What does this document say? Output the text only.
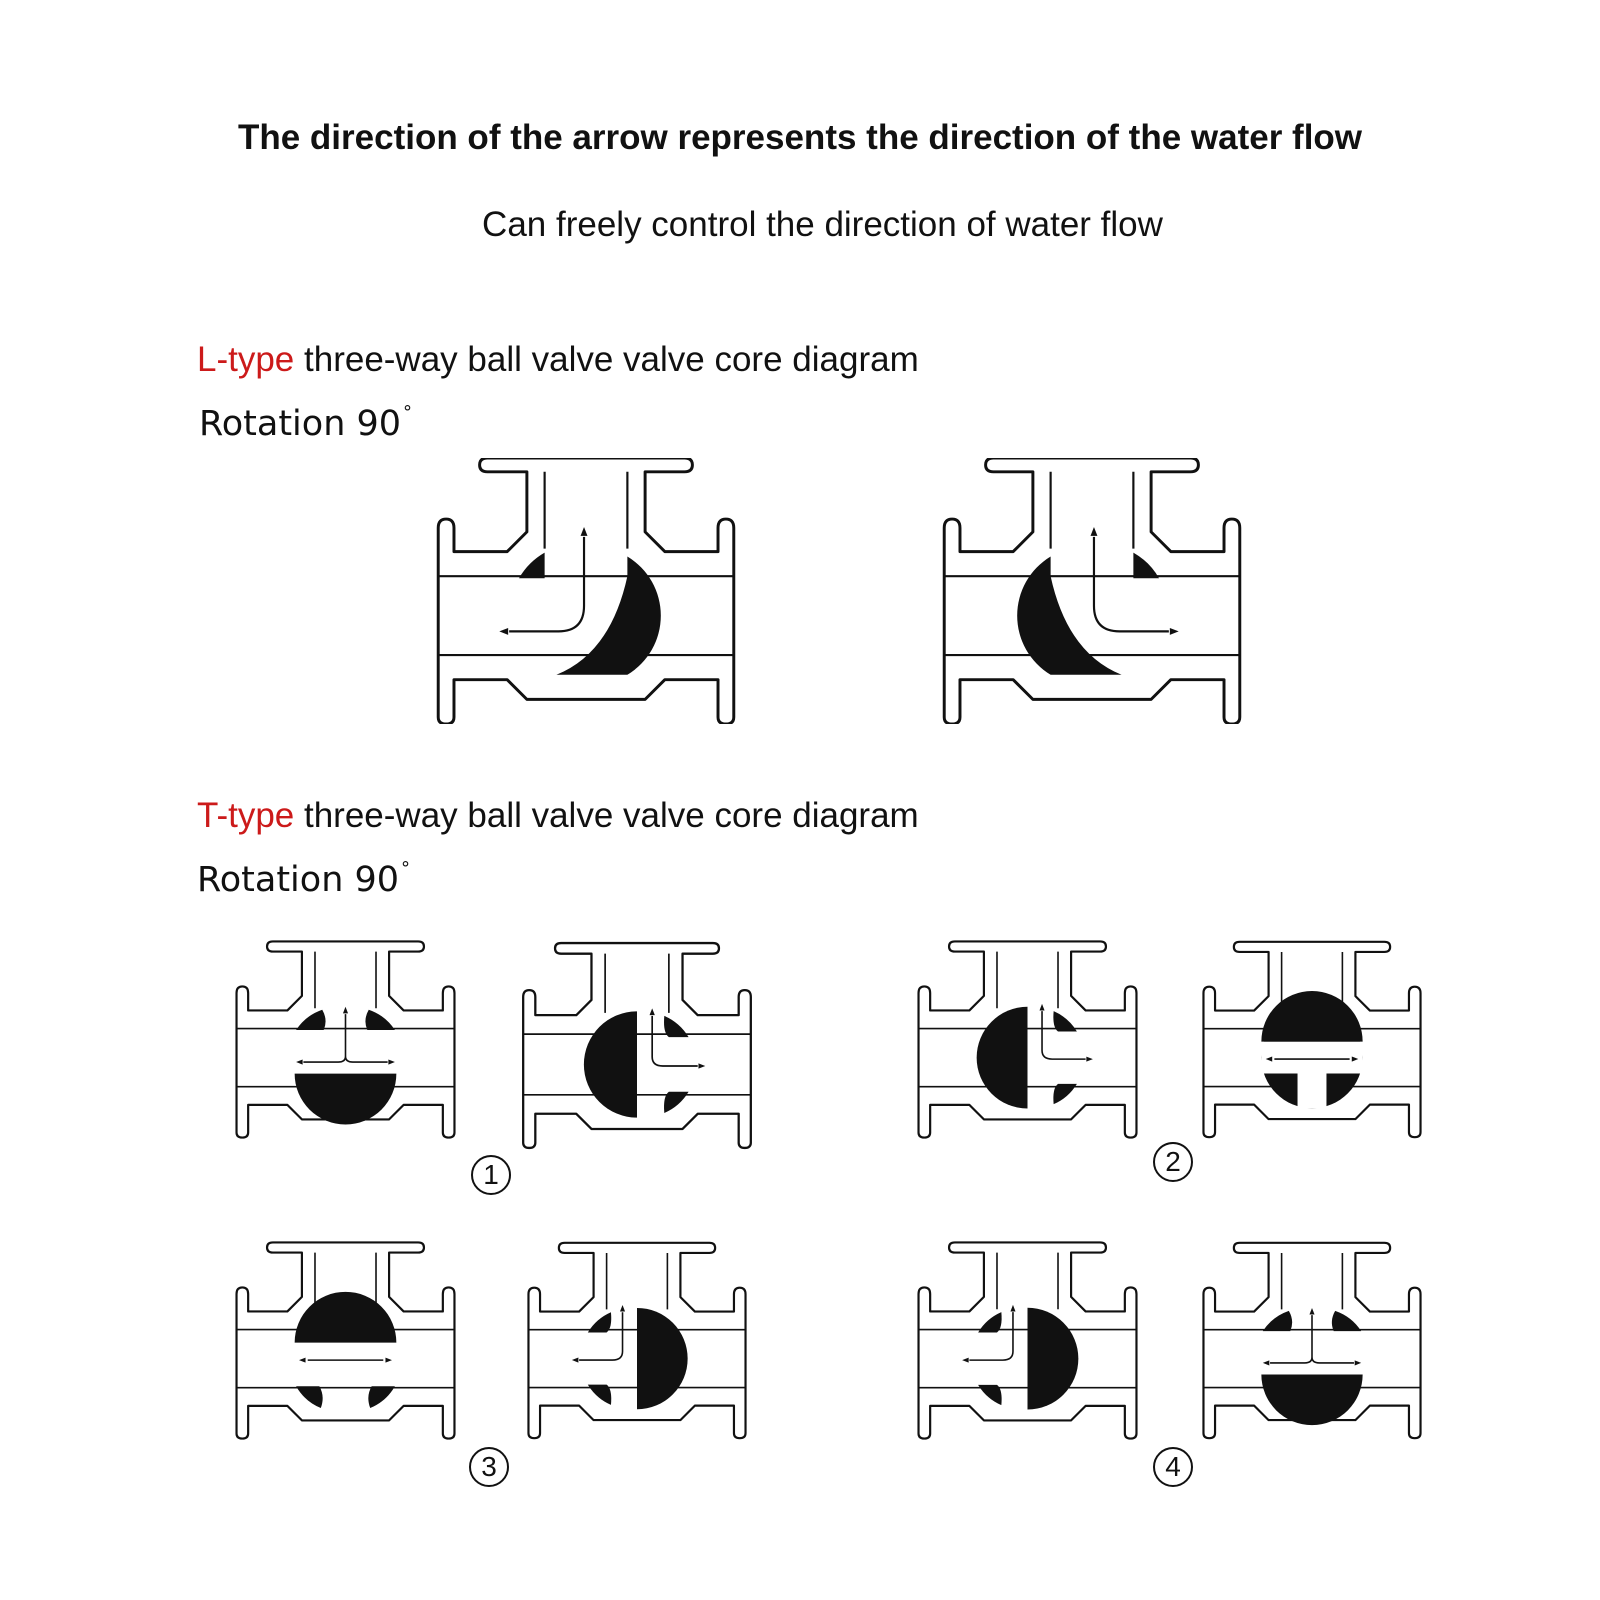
The direction of the arrow represents the direction of the water flow
Can freely control the direction of water flow
L-type three-way ball valve valve core diagram
Rotation 90 °
T-type three-way ball valve valve core diagram
Rotation 90 °
1	2
3	4
